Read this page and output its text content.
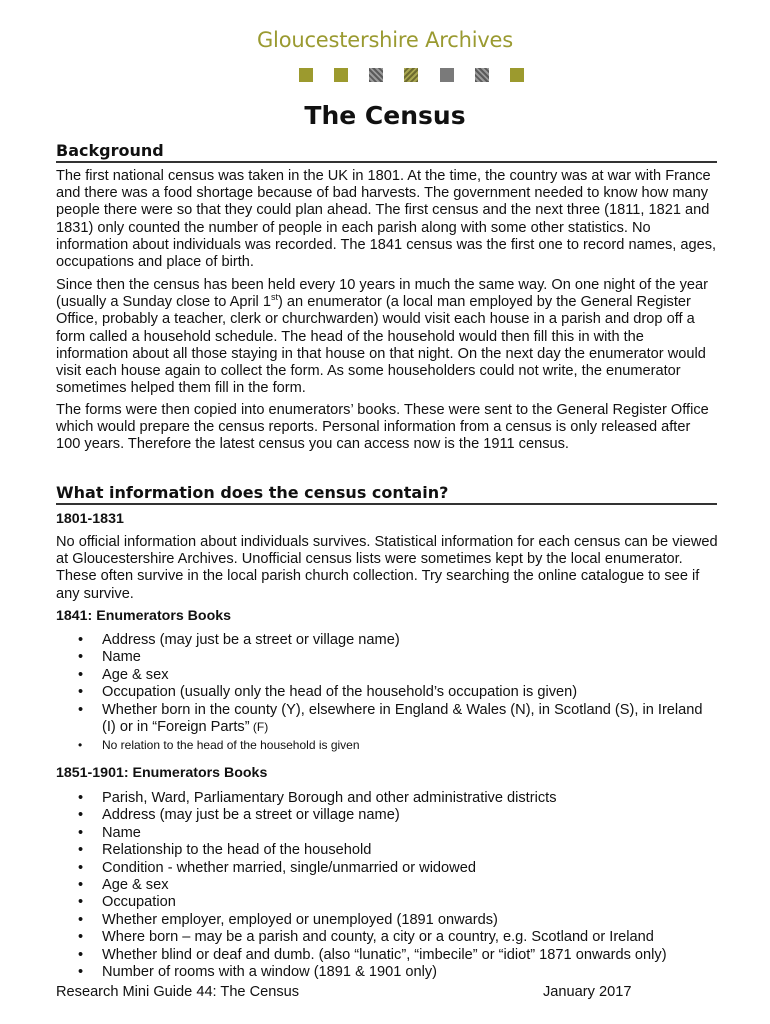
Gloucestershire Archives
The Census
Background

The first national census was taken in the UK in 1801. At the time, the country was at war with France and there was a food shortage because of bad harvests. The government needed to know how many people there were so that they could plan ahead. The first census and the next three (1811, 1821 and 1831) only counted the number of people in each parish along with some other statistics. No information about individuals was recorded. The 1841 census was the first one to record names, ages, occupations and place of birth.

Since then the census has been held every 10 years in much the same way. On one night of the year (usually a Sunday close to April 1st) an enumerator (a local man employed by the General Register Office, probably a teacher, clerk or churchwarden) would visit each house in a parish and drop off a form called a household schedule. The head of the household would then fill this in with the information about all those staying in that house on that night. On the next day the enumerator would visit each house again to collect the form. As some householders could not write, the enumerator sometimes helped them fill in the form.

The forms were then copied into enumerators’ books. These were sent to the General Register Office which would prepare the census reports. Personal information from a census is only released after 100 years. Therefore the latest census you can access now is the 1911 census.

What information does the census contain?
1801-1831

No official information about individuals survives. Statistical information for each census can be viewed at Gloucestershire Archives. Unofficial census lists were sometimes kept by the local enumerator. These often survive in the local parish church collection. Try searching the online catalogue to see if any survive.

1841: Enumerators Books
• Address (may just be a street or village name)
• Name
• Age & sex
• Occupation (usually only the head of the household’s occupation is given)
• Whether born in the county (Y), elsewhere in England & Wales (N), in Scotland (S), in Ireland (I) or in “Foreign Parts” (F)
• No relation to the head of the household is given
1851-1901: Enumerators Books
• Parish, Ward, Parliamentary Borough and other administrative districts
• Address (may just be a street or village name)
• Name
• Relationship to the head of the household
• Condition - whether married, single/unmarried or widowed
• Age & sex
• Occupation
• Whether employer, employed or unemployed (1891 onwards)
• Where born – may be a parish and county, a city or a country, e.g. Scotland or Ireland
• Whether blind or deaf and dumb. (also “lunatic”, “imbecile” or “idiot” 1871 onwards only)
• Number of rooms with a window (1891 & 1901 only)
Research Mini Guide 44: The Census	January 2017
